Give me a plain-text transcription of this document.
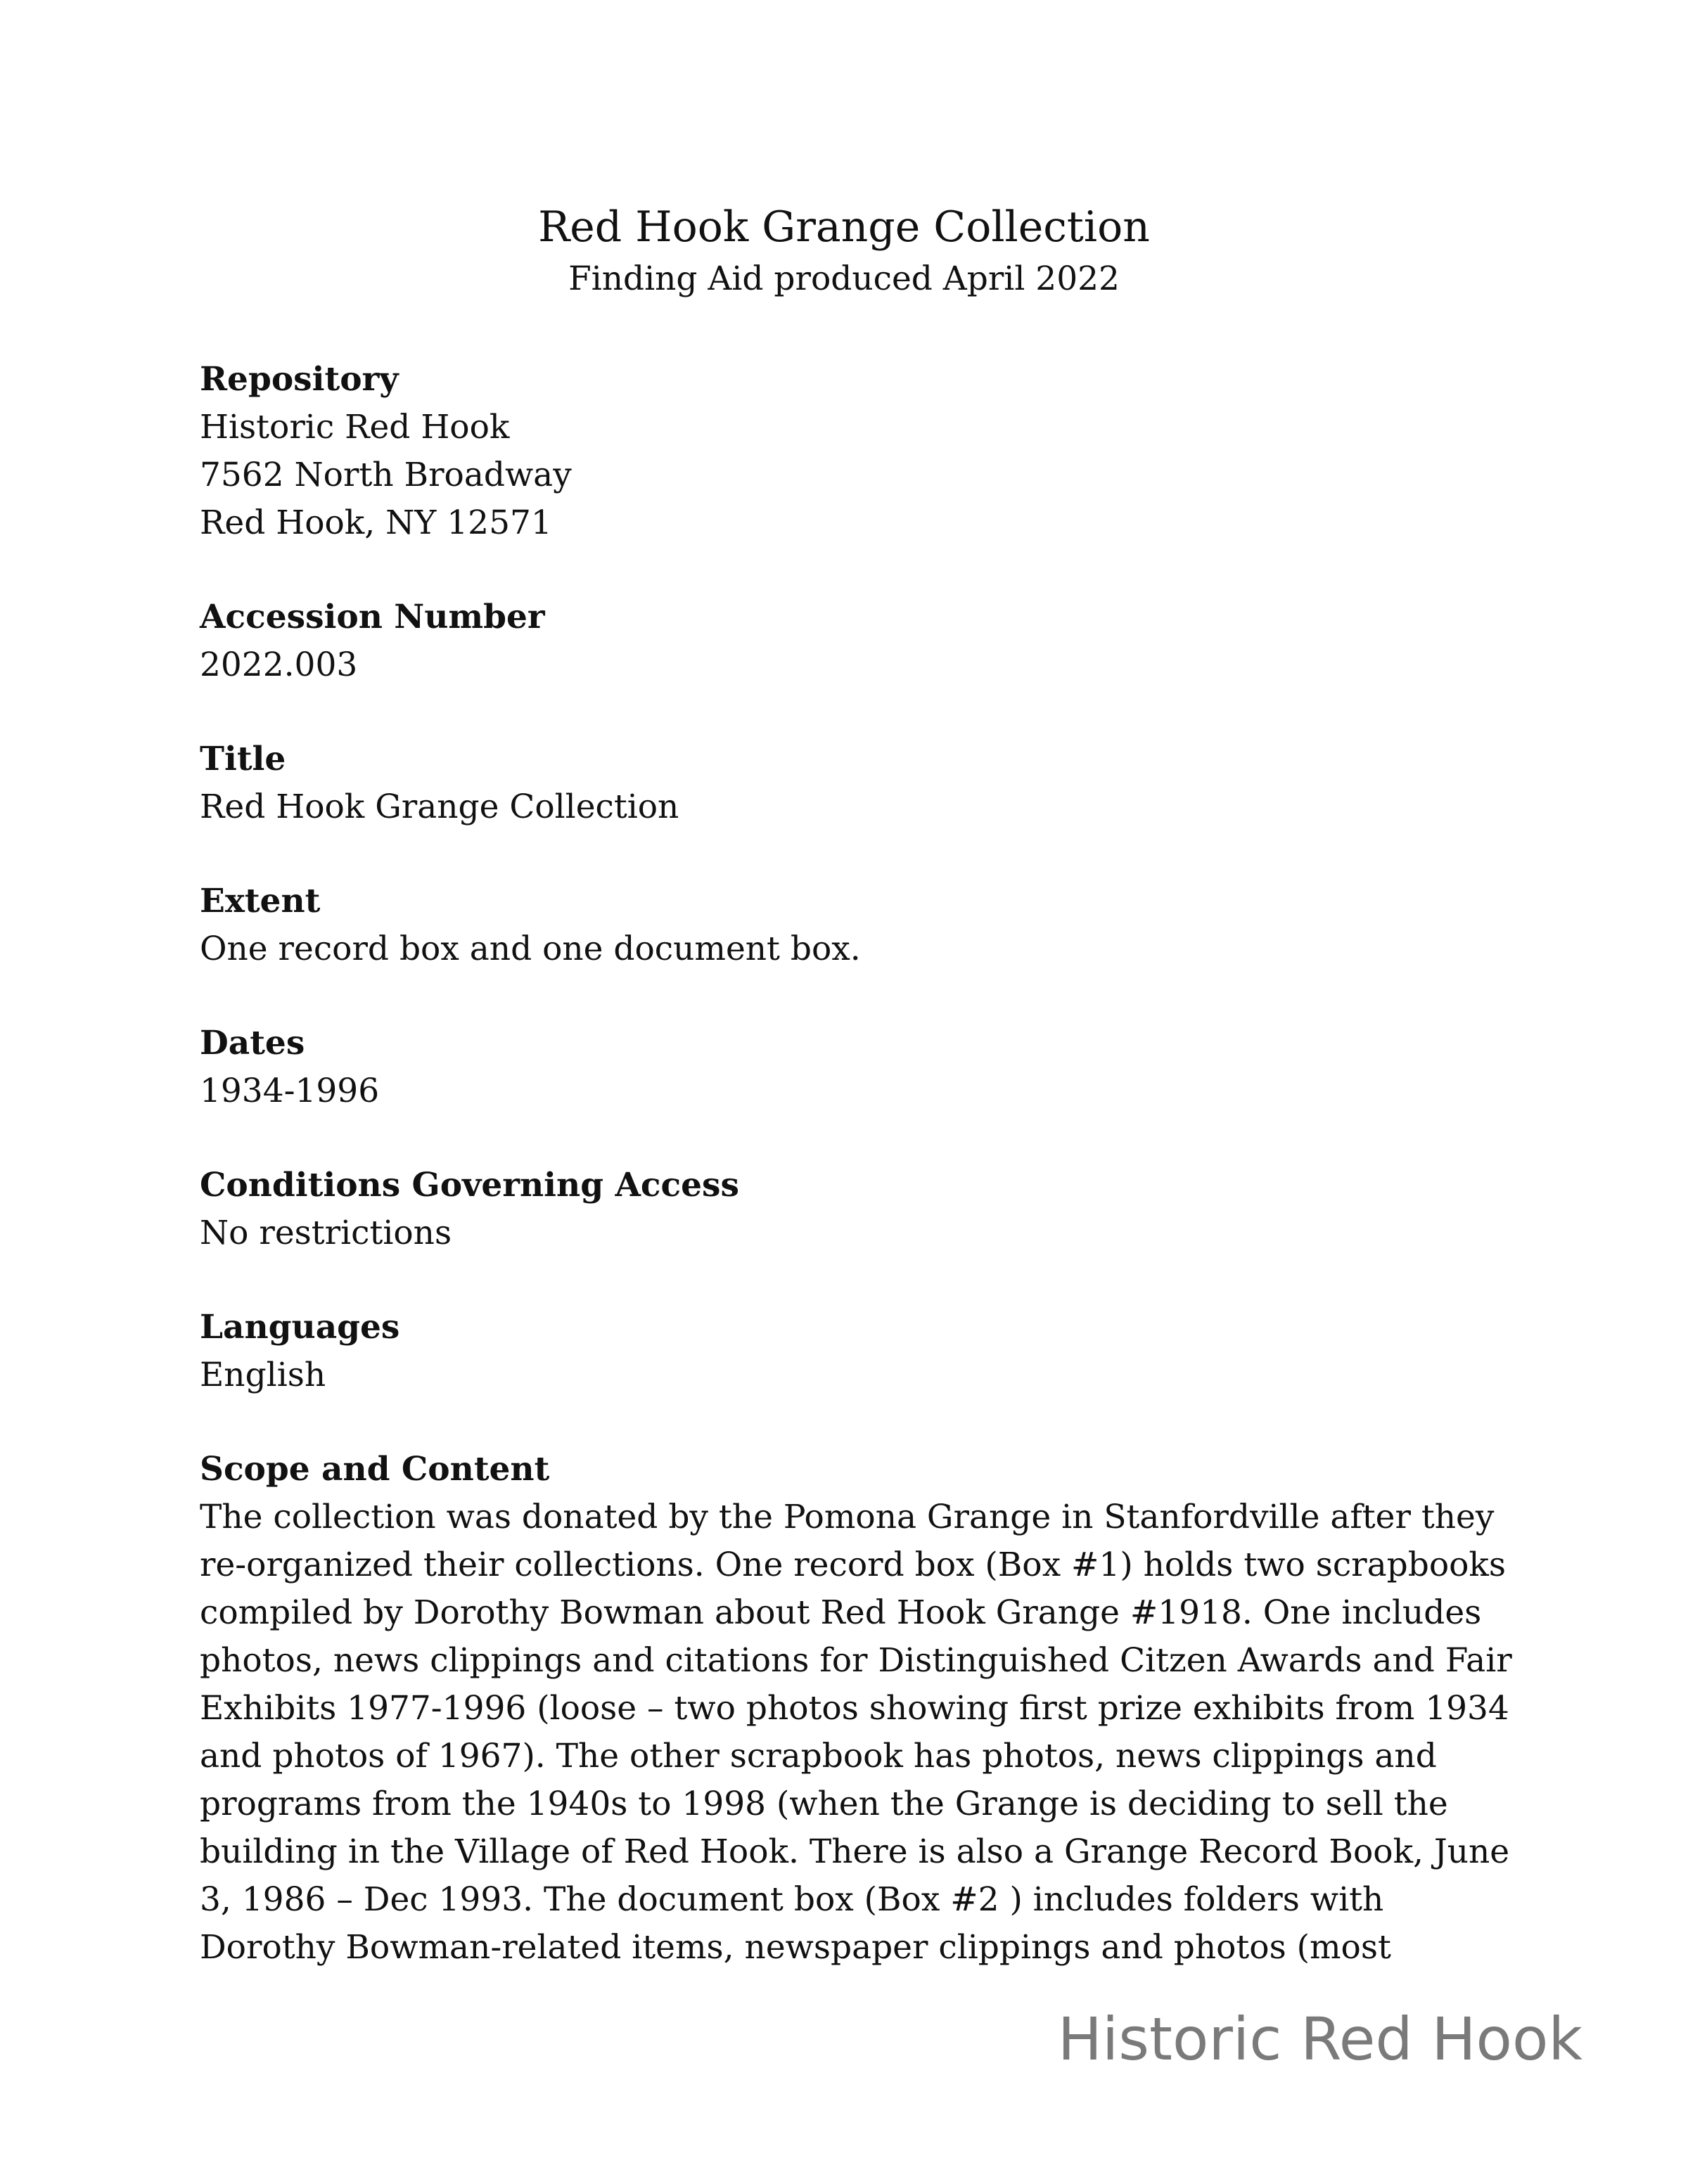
Red Hook Grange Collection
Finding Aid produced April 2022
Repository
Historic Red Hook
7562 North Broadway
Red Hook, NY 12571
Accession Number
2022.003
Title
Red Hook Grange Collection
Extent
One record box and one document box.
Dates
1934-1996
Conditions Governing Access
No restrictions
Languages
English
Scope and Content
The collection was donated by the Pomona Grange in Stanfordville after they re-organized their collections. One record box (Box #1) holds two scrapbooks compiled by Dorothy Bowman about Red Hook Grange #1918. One includes photos, news clippings and citations for Distinguished Citzen Awards and Fair Exhibits 1977-1996 (loose – two photos showing first prize exhibits from 1934 and photos of 1967). The other scrapbook has photos, news clippings and programs from the 1940s to 1998 (when the Grange is deciding to sell the building in the Village of Red Hook. There is also a Grange Record Book, June 3, 1986 – Dec 1993. The document box (Box #2 ) includes folders with Dorothy Bowman-related items, newspaper clippings and photos (most
Historic Red Hook
